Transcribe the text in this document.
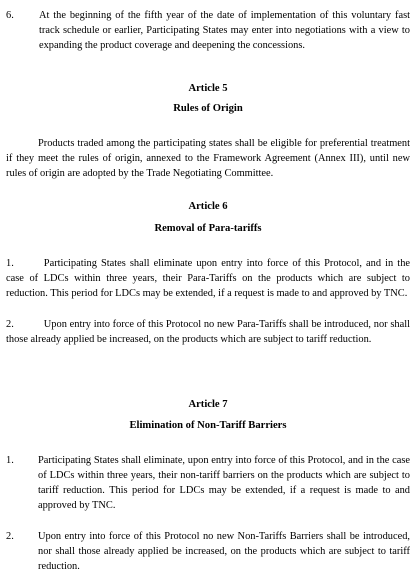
6. At the beginning of the fifth year of the date of implementation of this voluntary fast track schedule or earlier, Participating States may enter into negotiations with a view to expanding the product coverage and deepening the concessions.
Article 5
Rules of Origin
Products traded among the participating states shall be eligible for preferential treatment if they meet the rules of origin, annexed to the Framework Agreement (Annex III), until new rules of origin are adopted by the Trade Negotiating Committee.
Article 6
Removal of Para-tariffs
1.	Participating States shall eliminate upon entry into force of this Protocol, and in the case of LDCs within three years, their Para-Tariffs on the products which are subject to reduction. This period for LDCs may be extended, if a request is made to and approved by TNC.
2.	Upon entry into force of this Protocol no new Para-Tariffs shall be introduced, nor shall those already applied be increased, on the products which are subject to tariff reduction.
Article 7
Elimination of Non-Tariff Barriers
1. Participating States shall eliminate, upon entry into force of this Protocol, and in the case of LDCs within three years, their non-tariff barriers on the products which are subject to tariff reduction. This period for LDCs may be extended, if a request is made to and approved by TNC.
2. Upon entry into force of this Protocol no new Non-Tariffs Barriers shall be introduced, nor shall those already applied be increased, on the products which are subject to tariff reduction.
